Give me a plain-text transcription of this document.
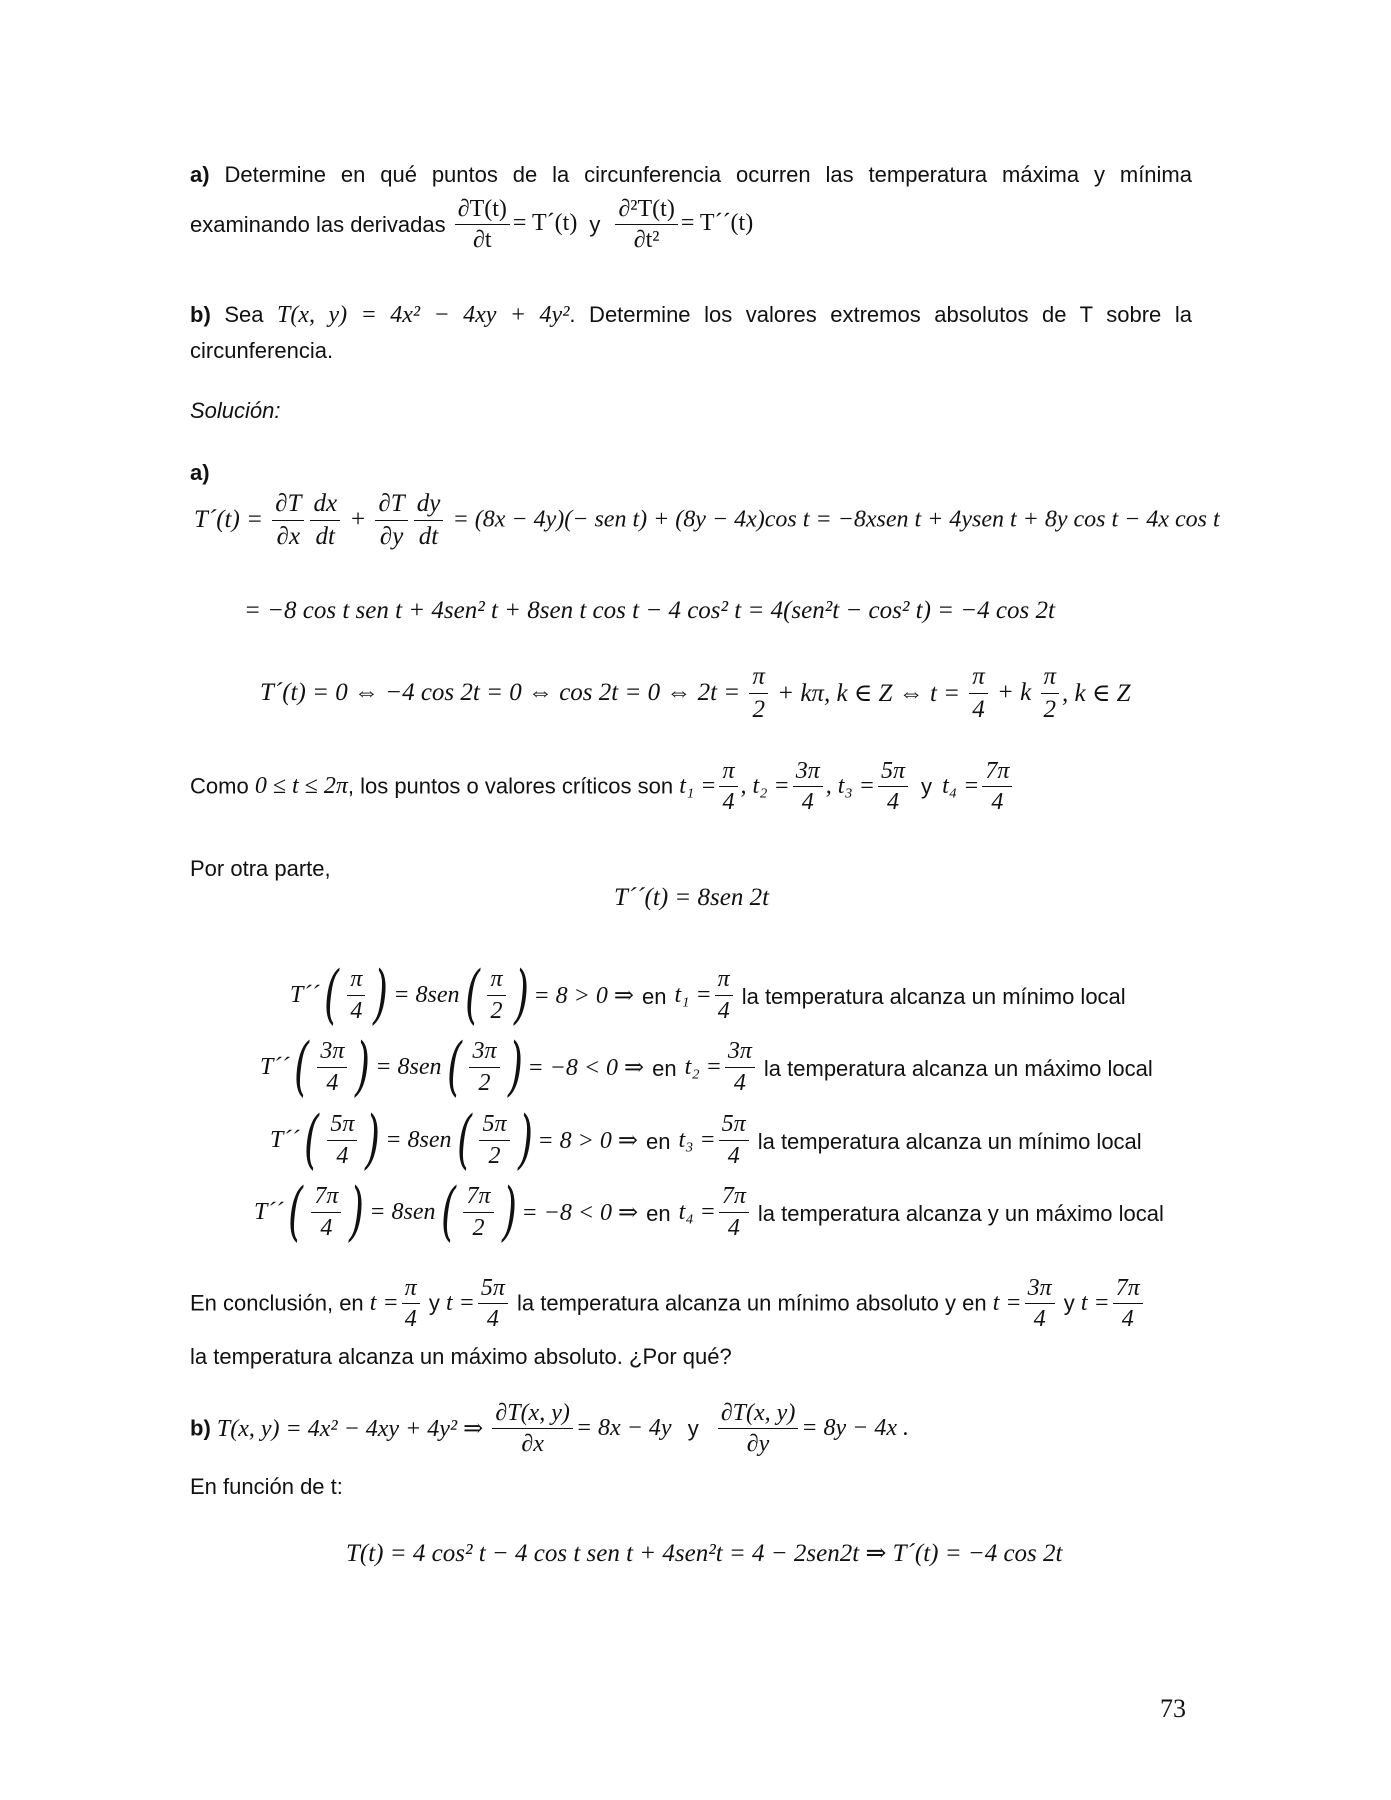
a) Determine en qué puntos de la circunferencia ocurren las temperatura máxima y mínima
examinando las derivadas $\frac{\partial T(t)}{\partial t}$ = T´(t) y $\frac{\text{∂²T(t)}}{\text{∂t²}}$ = T´´(t)
b) Sea T(x, y) = 4x² − 4xy + 4y². Determine los valores extremos absolutos de T sobre la
circunferencia.
Solución:
a)
T´(t) = $\frac{\partial T}{\partial x} \frac{dx}{dt} + \frac{\partial T}{\partial y} \frac{dy}{dt} = (8x - 4y)(-$ sen t) + (8y − 4x)cos t = −8xsen t + 4ysen t + 8y cos t − 4x cos t
= −8 cos t sen t + 4sen² t + 8sen t cos t − 4 cos² t = 4(sen²t − cos² t) = −4 cos 2t
T´(t) = 0 ⇔ −4 cos 2t = 0 ⇔ cos 2t = 0 ⇔ $2t = \frac{\pi}{2} + k\pi$, k ∈ Z ⇔ $t = \frac{\pi}{4} + k \frac{\pi}{2}$ , k ∈ Z
Como 0 ≤ t ≤ 2π, los puntos o valores críticos son $t_1 = \frac{\pi}{4}$ , $t_2 = \frac{3\pi}{4}$ , $t_3 = \frac{5\pi}{4}$ y $t_4 = \frac{7\pi}{4}$
Por otra parte,
T´´(t) = 8sen 2t
T´´( $\frac{\pi}{4}$ ) = $8sen( \frac{\pi}{2}$ ) = 8 > 0 ⇒ en $t_1 = \frac{\pi}{4}$ la temperatura alcanza un mínimo local
T´´( $\frac{3\pi}{4}$ ) = $8sen( \frac{3\pi}{2}$ ) = −8 < 0 ⇒ en $t_2 = \frac{3\pi}{4}$ la temperatura alcanza un máximo local
T´´( $\frac{5\pi}{4}$ ) = $8sen( \frac{5\pi}{2}$ ) = 8 > 0 ⇒ en $t_3 = \frac{5\pi}{4}$ la temperatura alcanza un mínimo local
T´´( $\frac{7\pi}{4}$ ) = $8sen( \frac{7\pi}{2}$ ) = −8 < 0 ⇒ en $t_4 = \frac{7\pi}{4}$ la temperatura alcanza y un máximo local
En conclusión, en $t = \frac{\pi}{4}$ y $t = \frac{5\pi}{4}$ la temperatura alcanza un mínimo absoluto y en $t = \frac{3\pi}{4}$ y $t = \frac{7\pi}{4}$
la temperatura alcanza un máximo absoluto. ¿Por qué?
b) T(x, y) = 4x² − 4xy + 4y² ⇒ $\frac{\partial T(x, y)}{\partial x} = 8x - 4y$ y $\frac{\partial T(x, y)}{\partial y} = 8y - 4x$ .
En función de t:
T(t) = 4 cos² t − 4 cos t sen t + 4sen²t = 4 − 2sen2t ⇒ T´(t) = −4 cos 2t
73
